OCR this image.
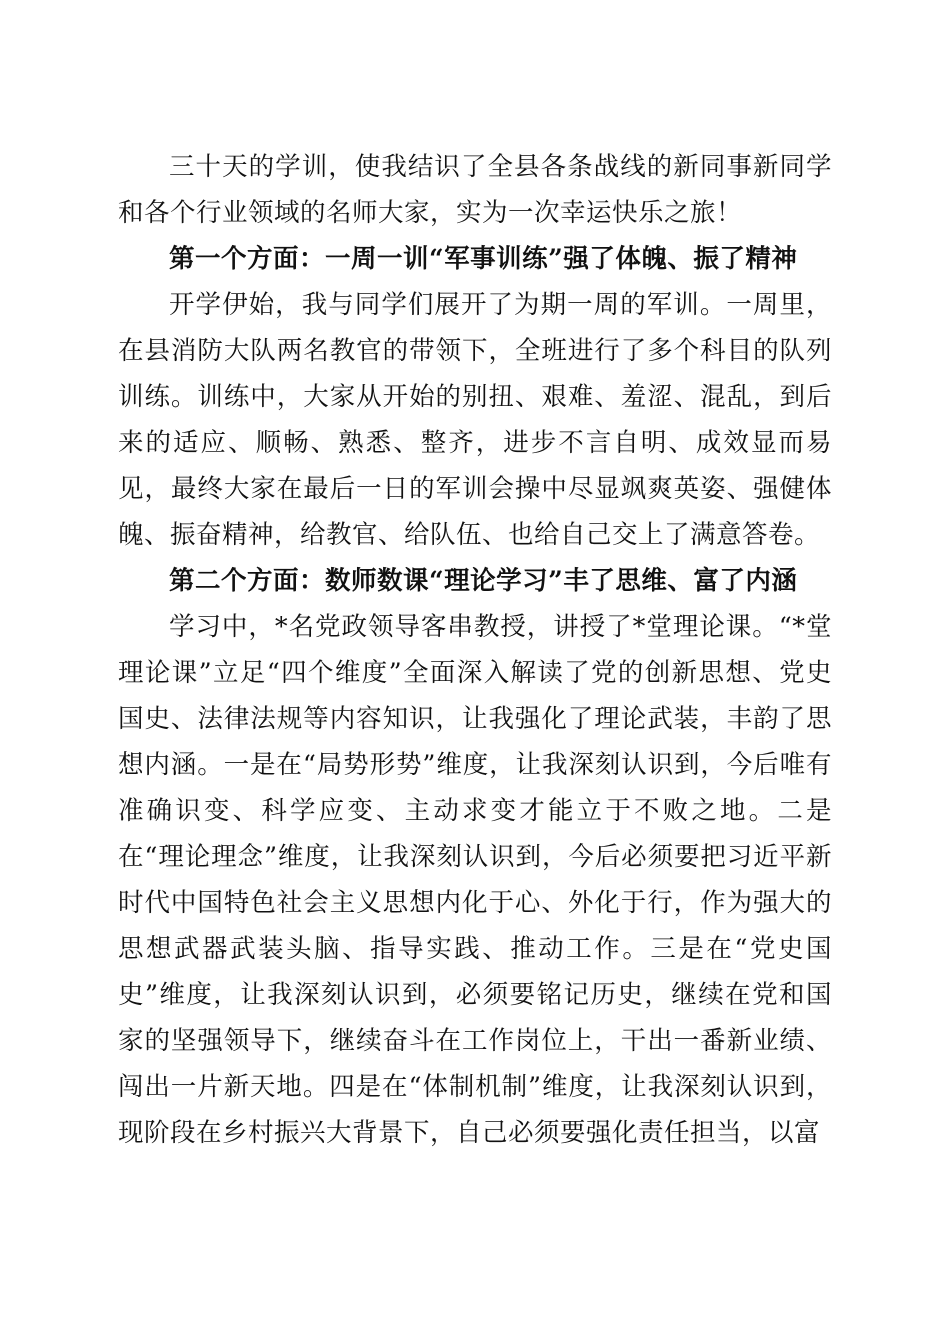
三十天的学训，使我结识了全县各条战线的新同事新同学和各个行业领域的名师大家，实为一次幸运快乐之旅！

第一个方面：一周一训“军事训练”强了体魄、振了精神

开学伊始，我与同学们展开了为期一周的军训。一周里，在县消防大队两名教官的带领下，全班进行了多个科目的队列训练。训练中，大家从开始的别扭、艰难、羞涩、混乱，到后来的适应、顺畅、熟悉、整齐，进步不言自明、成效显而易见，最终大家在最后一日的军训会操中尽显飒爽英姿、强健体魄、振奋精神，给教官、给队伍、也给自己交上了满意答卷。

第二个方面：数师数课“理论学习”丰了思维、富了内涵

学习中，*名党政领导客串教授，讲授了*堂理论课。“*堂理论课”立足“四个维度”全面深入解读了党的创新思想、党史国史、法律法规等内容知识，让我强化了理论武装，丰韵了思想内涵。一是在“局势形势”维度，让我深刻认识到，今后唯有准确识变、科学应变、主动求变才能立于不败之地。二是在“理论理念”维度，让我深刻认识到，今后必须要把习近平新时代中国特色社会主义思想内化于心、外化于行，作为强大的思想武器武装头脑、指导实践、推动工作。三是在“党史国史”维度，让我深刻认识到，必须要铭记历史，继续在党和国家的坚强领导下，继续奋斗在工作岗位上，干出一番新业绩、闯出一片新天地。四是在“体制机制”维度，让我深刻认识到，现阶段在乡村振兴大背景下，自己必须要强化责任担当，以富
